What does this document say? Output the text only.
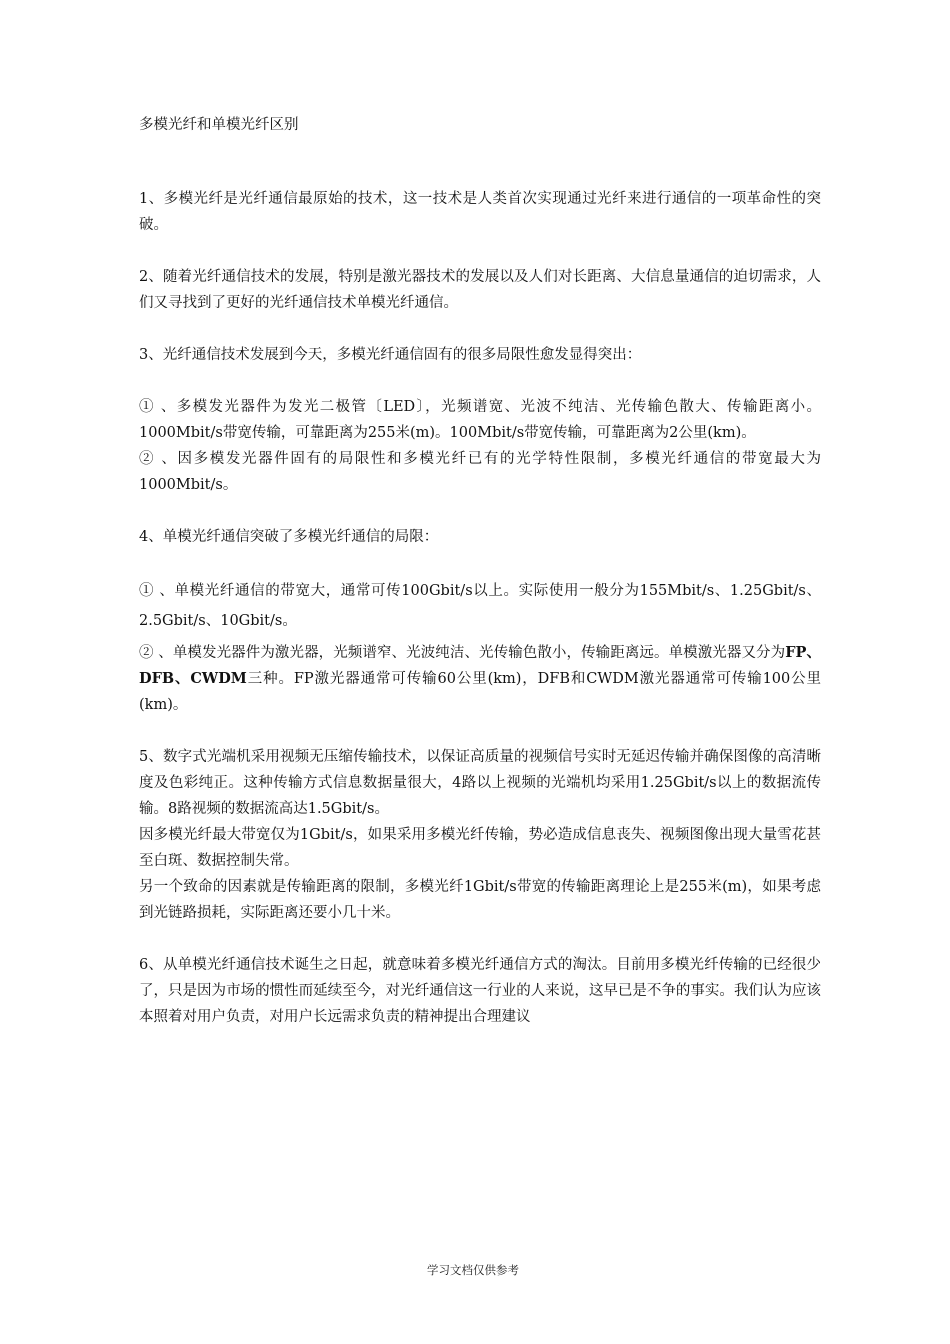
多模光纤和单模光纤区别

1、多模光纤是光纤通信最原始的技术，这一技术是人类首次实现通过光纤来进行通信的一项革命性的突破。

2、随着光纤通信技术的发展，特别是激光器技术的发展以及人们对长距离、大信息量通信的迫切需求，人们又寻找到了更好的光纤通信技术单模光纤通信。

3、光纤通信技术发展到今天，多模光纤通信固有的很多局限性愈发显得突出：

① 、多模发光器件为发光二极管〔LED〕，光频谱宽、光波不纯洁、光传输色散大、传输距离小。1000Mbit/s带宽传输，可靠距离为255米(m)。100Mbit/s带宽传输，可靠距离为2公里(km)。

② 、因多模发光器件固有的局限性和多模光纤已有的光学特性限制，多模光纤通信的带宽最大为1000Mbit/s。

4、单模光纤通信突破了多模光纤通信的局限：

① 、单模光纤通信的带宽大，通常可传100Gbit/s以上。实际使用一般分为155Mbit/s、1.25Gbit/s、2.5Gbit/s、10Gbit/s。

② 、单模发光器件为激光器，光频谱窄、光波纯洁、光传输色散小，传输距离远。单模激光器又分为FP、DFB、CWDM三种。FP激光器通常可传输60公里(km)，DFB和CWDM激光器通常可传输100公里(km)。

5、数字式光端机采用视频无压缩传输技术，以保证高质量的视频信号实时无延迟传输并确保图像的高清晰度及色彩纯正。这种传输方式信息数据量很大，4路以上视频的光端机均采用1.25Gbit/s以上的数据流传输。8路视频的数据流高达1.5Gbit/s。

因多模光纤最大带宽仅为1Gbit/s，如果采用多模光纤传输，势必造成信息丧失、视频图像出现大量雪花甚至白斑、数据控制失常。

另一个致命的因素就是传输距离的限制，多模光纤1Gbit/s带宽的传输距离理论上是255米(m)，如果考虑到光链路损耗，实际距离还要小几十米。

6、从单模光纤通信技术诞生之日起，就意味着多模光纤通信方式的淘汰。目前用多模光纤传输的已经很少了，只是因为市场的惯性而延续至今，对光纤通信这一行业的人来说，这早已是不争的事实。我们认为应该本照着对用户负责，对用户长远需求负责的精神提出合理建议

学习文档仅供参考
